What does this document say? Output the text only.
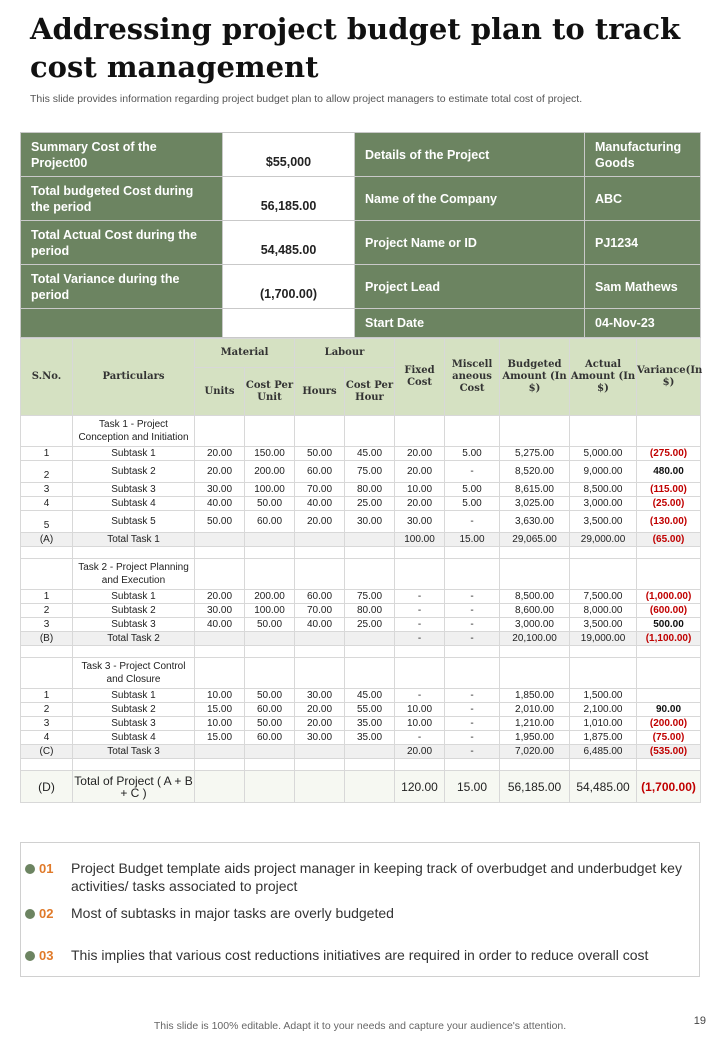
Addressing project budget plan to track cost management
This slide provides information regarding project budget plan to allow project managers to estimate total cost of project.
Summary Cost of the Project00	$55,000	Details of the Project	Manufacturing Goods
Total budgeted Cost during the period	56,185.00	Name of the Company	ABC
Total Actual Cost during the period	54,485.00	Project Name or ID	PJ1234
Total Variance during the period	(1,700.00)	Project Lead	Sam Mathews
		Start Date	04-Nov-23
S.No.	Particulars	Material		Labour		Fixed Cost	Miscell aneous Cost	Budgeted Amount (In $)	Actual Amount (In $)	Variance(In $)
		Units	Cost Per Unit	Hours	Cost Per Hour					
	Task 1 - Project Conception and Initiation									
1	Subtask 1	20.00	150.00	50.00	45.00	20.00	5.00	5,275.00	5,000.00	(275.00)
2	Subtask 2	20.00	200.00	60.00	75.00	20.00	-	8,520.00	9,000.00	480.00
3	Subtask 3	30.00	100.00	70.00	80.00	10.00	5.00	8,615.00	8,500.00	(115.00)
4	Subtask 4	40.00	50.00	40.00	25.00	20.00	5.00	3,025.00	3,000.00	(25.00)
5	Subtask 5	50.00	60.00	20.00	30.00	30.00	-	3,630.00	3,500.00	(130.00)
(A)	Total Task 1					100.00	15.00	29,065.00	29,000.00	(65.00)

	Task 2 - Project Planning and Execution									
1	Subtask 1	20.00	200.00	60.00	75.00	-	-	8,500.00	7,500.00	(1,000.00)
2	Subtask 2	30.00	100.00	70.00	80.00	-	-	8,600.00	8,000.00	(600.00)
3	Subtask 3	40.00	50.00	40.00	25.00	-	-	3,000.00	3,500.00	500.00
(B)	Total Task 2					-	-	20,100.00	19,000.00	(1,100.00)

	Task 3 - Project Control and Closure									
1	Subtask 1	10.00	50.00	30.00	45.00	-	-	1,850.00	1,500.00	
2	Subtask 2	15.00	60.00	20.00	55.00	10.00	-	2,010.00	2,100.00	90.00
3	Subtask 3	10.00	50.00	20.00	35.00	10.00	-	1,210.00	1,010.00	(200.00)
4	Subtask 4	15.00	60.00	30.00	35.00	-	-	1,950.00	1,875.00	(75.00)
(C)	Total Task 3					20.00	-	7,020.00	6,485.00	(535.00)

(D)	Total of Project ( A + B + C )					120.00	15.00	56,185.00	54,485.00	(1,700.00)
01 Project Budget template aids project manager in keeping track of overbudget and underbudget key activities/ tasks associated to project
02 Most of subtasks in major tasks are overly budgeted
03 This implies that various cost reductions initiatives are required in order to reduce overall cost
This slide is 100% editable. Adapt it to your needs and capture your audience's attention.	19
